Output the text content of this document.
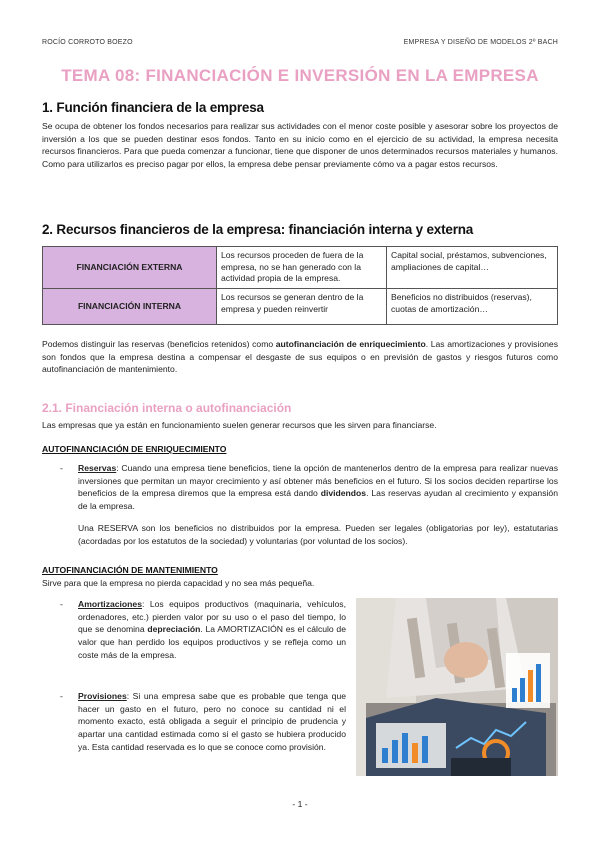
ROCÍO CORROTO BOEZO	EMPRESA Y DISEÑO DE MODELOS 2º BACH
TEMA 08: FINANCIACIÓN E INVERSIÓN EN LA EMPRESA
1. Función financiera de la empresa
Se ocupa de obtener los fondos necesarios para realizar sus actividades con el menor coste posible y asesorar sobre los proyectos de inversión a los que se pueden destinar esos fondos. Tanto en su inicio como en el ejercicio de su actividad, la empresa necesita recursos financieros. Para que pueda comenzar a funcionar, tiene que disponer de unos determinados recursos materiales y humanos. Como para utilizarlos es preciso pagar por ellos, la empresa debe pensar previamente cómo va a pagar estos recursos.
2. Recursos financieros de la empresa: financiación interna y externa
FINANCIACIÓN EXTERNA	Los recursos proceden de fuera de la empresa, no se han generado con la actividad propia de la empresa.	Capital social, préstamos, subvenciones, ampliaciones de capital…
FINANCIACIÓN INTERNA	Los recursos se generan dentro de la empresa y pueden reinvertir	Beneficios no distribuidos (reservas), cuotas de amortización…
Podemos distinguir las reservas (beneficios retenidos) como autofinanciación de enriquecimiento. Las amortizaciones y provisiones son fondos que la empresa destina a compensar el desgaste de sus equipos o en previsión de gastos y riesgos futuros como autofinanciación de mantenimiento.
2.1. Financiación interna o autofinanciación
Las empresas que ya están en funcionamiento suelen generar recursos que les sirven para financiarse.
AUTOFINANCIACIÓN DE ENRIQUECIMIENTO
- Reservas: Cuando una empresa tiene beneficios, tiene la opción de mantenerlos dentro de la empresa para realizar nuevas inversiones que permitan un mayor crecimiento y así obtener más beneficios en el futuro. Si los socios deciden repartirse los beneficios de la empresa diremos que la empresa está dando dividendos. Las reservas ayudan al crecimiento y expansión de la empresa.
Una RESERVA son los beneficios no distribuidos por la empresa. Pueden ser legales (obligatorias por ley), estatutarias (acordadas por los estatutos de la sociedad) y voluntarias (por voluntad de los socios).
AUTOFINANCIACIÓN DE MANTENIMIENTO
Sirve para que la empresa no pierda capacidad y no sea más pequeña.
- Amortizaciones: Los equipos productivos (maquinaria, vehículos, ordenadores, etc.) pierden valor por su uso o el paso del tiempo, lo que se denomina depreciación. La AMORTIZACIÓN es el cálculo de valor que han perdido los equipos productivos y se refleja como un coste más de la empresa.
- Provisiones: Si una empresa sabe que es probable que tenga que hacer un gasto en el futuro, pero no conoce su cantidad ni el momento exacto, está obligada a seguir el principio de prudencia y apartar una cantidad estimada como si el gasto se hubiera producido ya. Esta cantidad reservada es lo que se conoce como provisión.
- 1 -
